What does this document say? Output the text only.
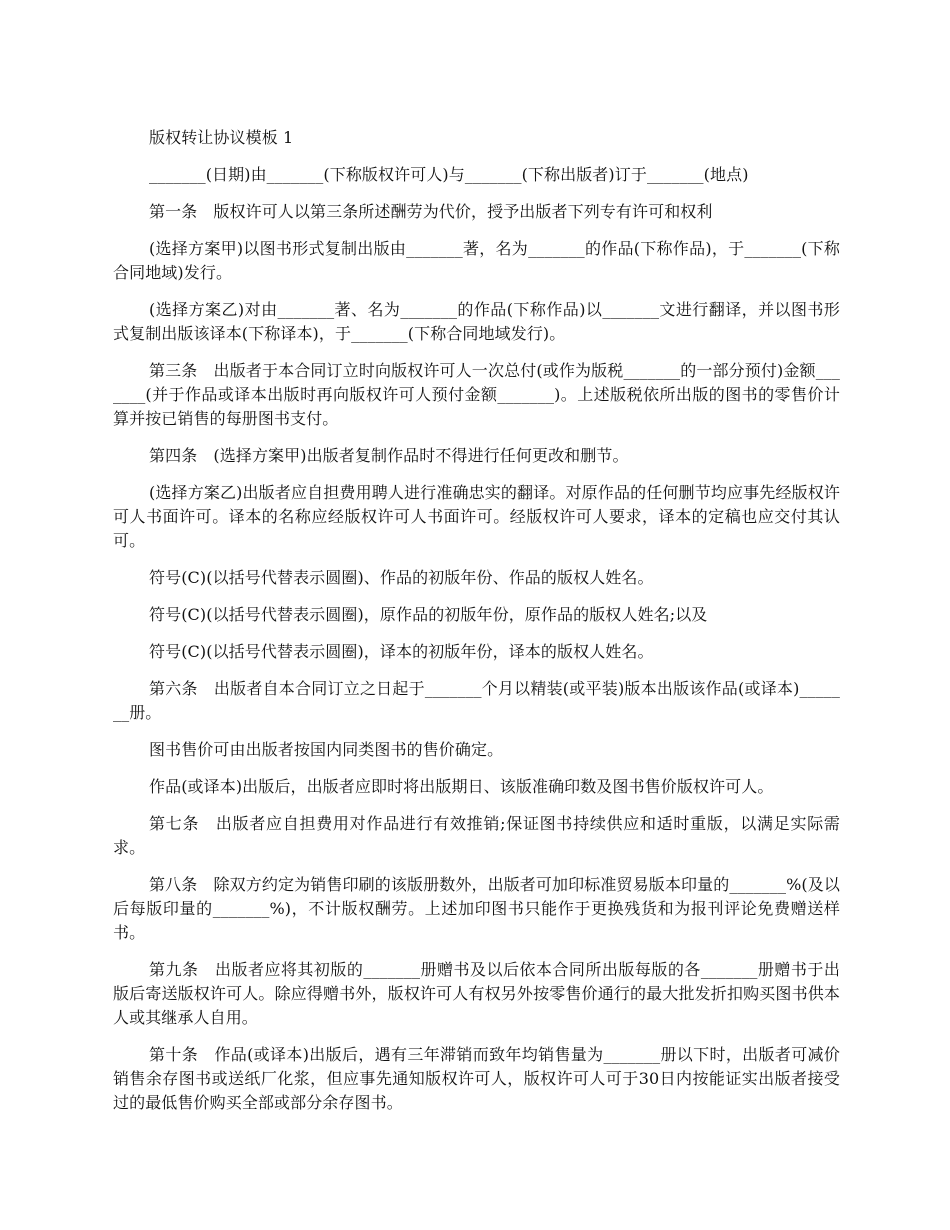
版权转让协议模板 1

_______(日期)由_______(下称版权许可人)与_______(下称出版者)订于_______(地点)

第一条　版权许可人以第三条所述酬劳为代价，授予出版者下列专有许可和权利

(选择方案甲)以图书形式复制出版由_______著，名为_______的作品(下称作品)，于_______(下称合同地域)发行。

(选择方案乙)对由_______著、名为_______的作品(下称作品)以_______文进行翻译，并以图书形式复制出版该译本(下称译本)，于_______(下称合同地域发行)。

第三条　出版者于本合同订立时向版权许可人一次总付(或作为版税_______的一部分预付)金额_______(并于作品或译本出版时再向版权许可人预付金额_______)。上述版税依所出版的图书的零售价计算并按已销售的每册图书支付。

第四条　(选择方案甲)出版者复制作品时不得进行任何更改和删节。

(选择方案乙)出版者应自担费用聘人进行准确忠实的翻译。对原作品的任何删节均应事先经版权许可人书面许可。译本的名称应经版权许可人书面许可。经版权许可人要求，译本的定稿也应交付其认可。

符号(C)(以括号代替表示圆圈)、作品的初版年份、作品的版权人姓名。

符号(C)(以括号代替表示圆圈)，原作品的初版年份，原作品的版权人姓名;以及

符号(C)(以括号代替表示圆圈)，译本的初版年份，译本的版权人姓名。

第六条　出版者自本合同订立之日起于_______个月以精装(或平装)版本出版该作品(或译本)_______册。

图书售价可由出版者按国内同类图书的售价确定。

作品(或译本)出版后，出版者应即时将出版期日、该版准确印数及图书售价版权许可人。

第七条　出版者应自担费用对作品进行有效推销;保证图书持续供应和适时重版，以满足实际需求。

第八条　除双方约定为销售印刷的该版册数外，出版者可加印标准贸易版本印量的_______%(及以后每版印量的_______%)，不计版权酬劳。上述加印图书只能作于更换残货和为报刊评论免费赠送样书。

第九条　出版者应将其初版的_______册赠书及以后依本合同所出版每版的各_______册赠书于出版后寄送版权许可人。除应得赠书外，版权许可人有权另外按零售价通行的最大批发折扣购买图书供本人或其继承人自用。

第十条　作品(或译本)出版后，遇有三年滞销而致年均销售量为_______册以下时，出版者可减价销售余存图书或送纸厂化浆，但应事先通知版权许可人，版权许可人可于30日内按能证实出版者接受过的最低售价购买全部或部分余存图书。
